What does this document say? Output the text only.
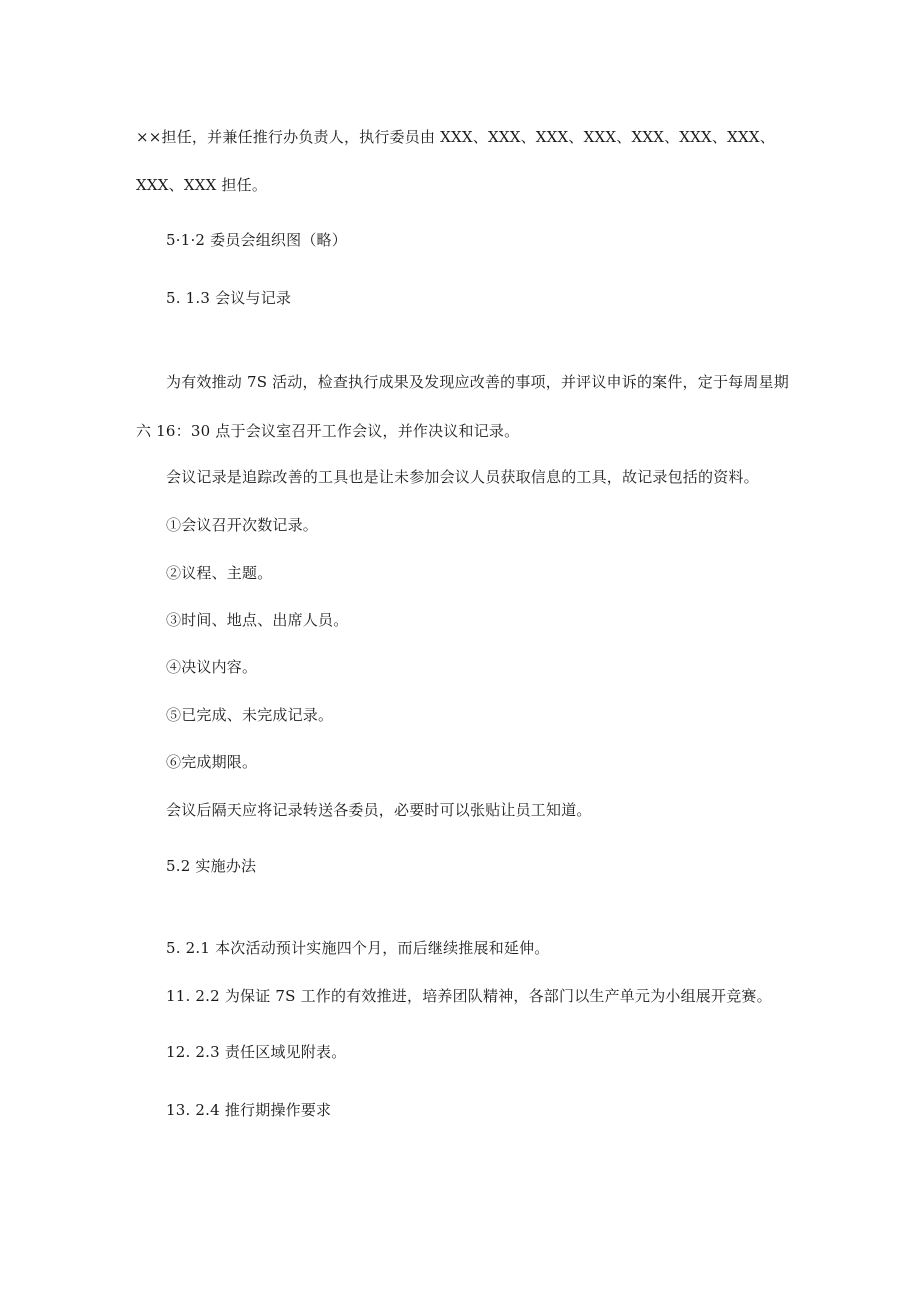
××担任，并兼任推行办负责人，执行委员由 XXX、XXX、XXX、XXX、XXX、XXX、XXX、
XXX、XXX 担任。
5·1·2 委员会组织图（略）
5. 1.3 会议与记录
为有效推动 7S 活动，检查执行成果及发现应改善的事项，并评议申诉的案件，定于每周星期
六 16：30 点于会议室召开工作会议，并作决议和记录。
会议记录是追踪改善的工具也是让未参加会议人员获取信息的工具，故记录包括的资料。
①会议召开次数记录。
②议程、主题。
③时间、地点、出席人员。
④决议内容。
⑤已完成、未完成记录。
⑥完成期限。
会议后隔天应将记录转送各委员，必要时可以张贴让员工知道。
5.2 实施办法
5. 2.1 本次活动预计实施四个月，而后继续推展和延伸。
11. 2.2 为保证 7S 工作的有效推进，培养团队精神，各部门以生产单元为小组展开竞赛。
12. 2.3 责任区域见附表。
13. 2.4 推行期操作要求
